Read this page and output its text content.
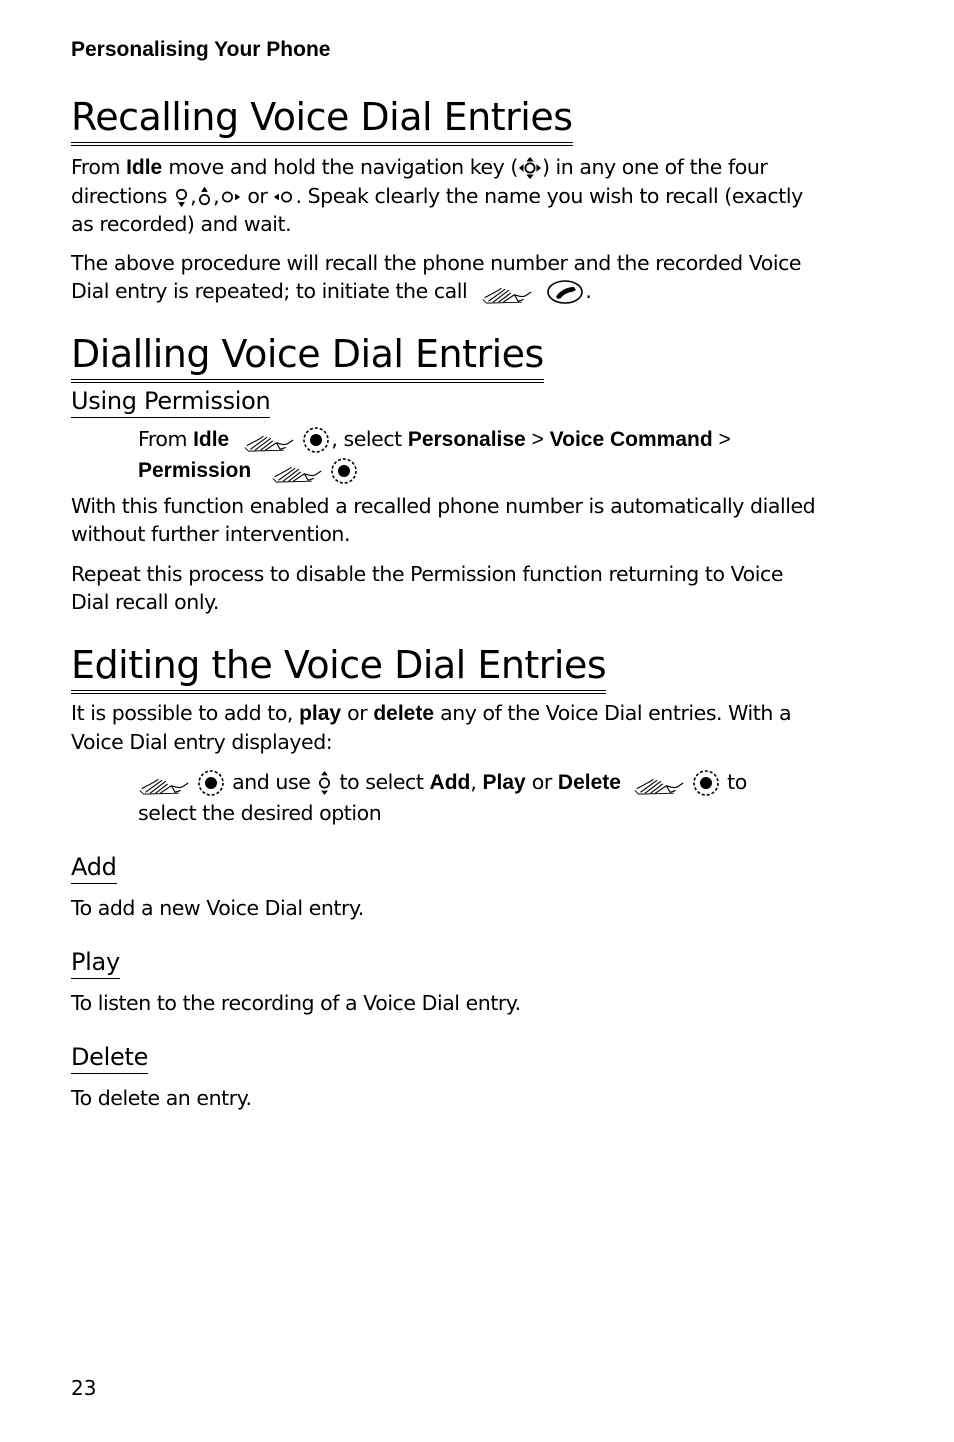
Personalising Your Phone
Recalling Voice Dial Entries

From Idle move and hold the navigation key ( ) in any one of the four
directions , , or . Speak clearly the name you wish to recall (exactly
as recorded) and wait.

The above procedure will recall the phone number and the recorded Voice
Dial entry is repeated; to initiate the call	.

Dialling Voice Dial Entries
Using Permission

From Idle	, select Personalise > Voice Command >
Permission

With this function enabled a recalled phone number is automatically dialled
without further intervention.

Repeat this process to disable the Permission function returning to Voice
Dial recall only.

Editing the Voice Dial Entries

It is possible to add to, play or delete any of the Voice Dial entries. With a
Voice Dial entry displayed:

and use  to select Add, Play or Delete	to
select the desired option

Add

To add a new Voice Dial entry.

Play

To listen to the recording of a Voice Dial entry.

Delete

To delete an entry.

23
